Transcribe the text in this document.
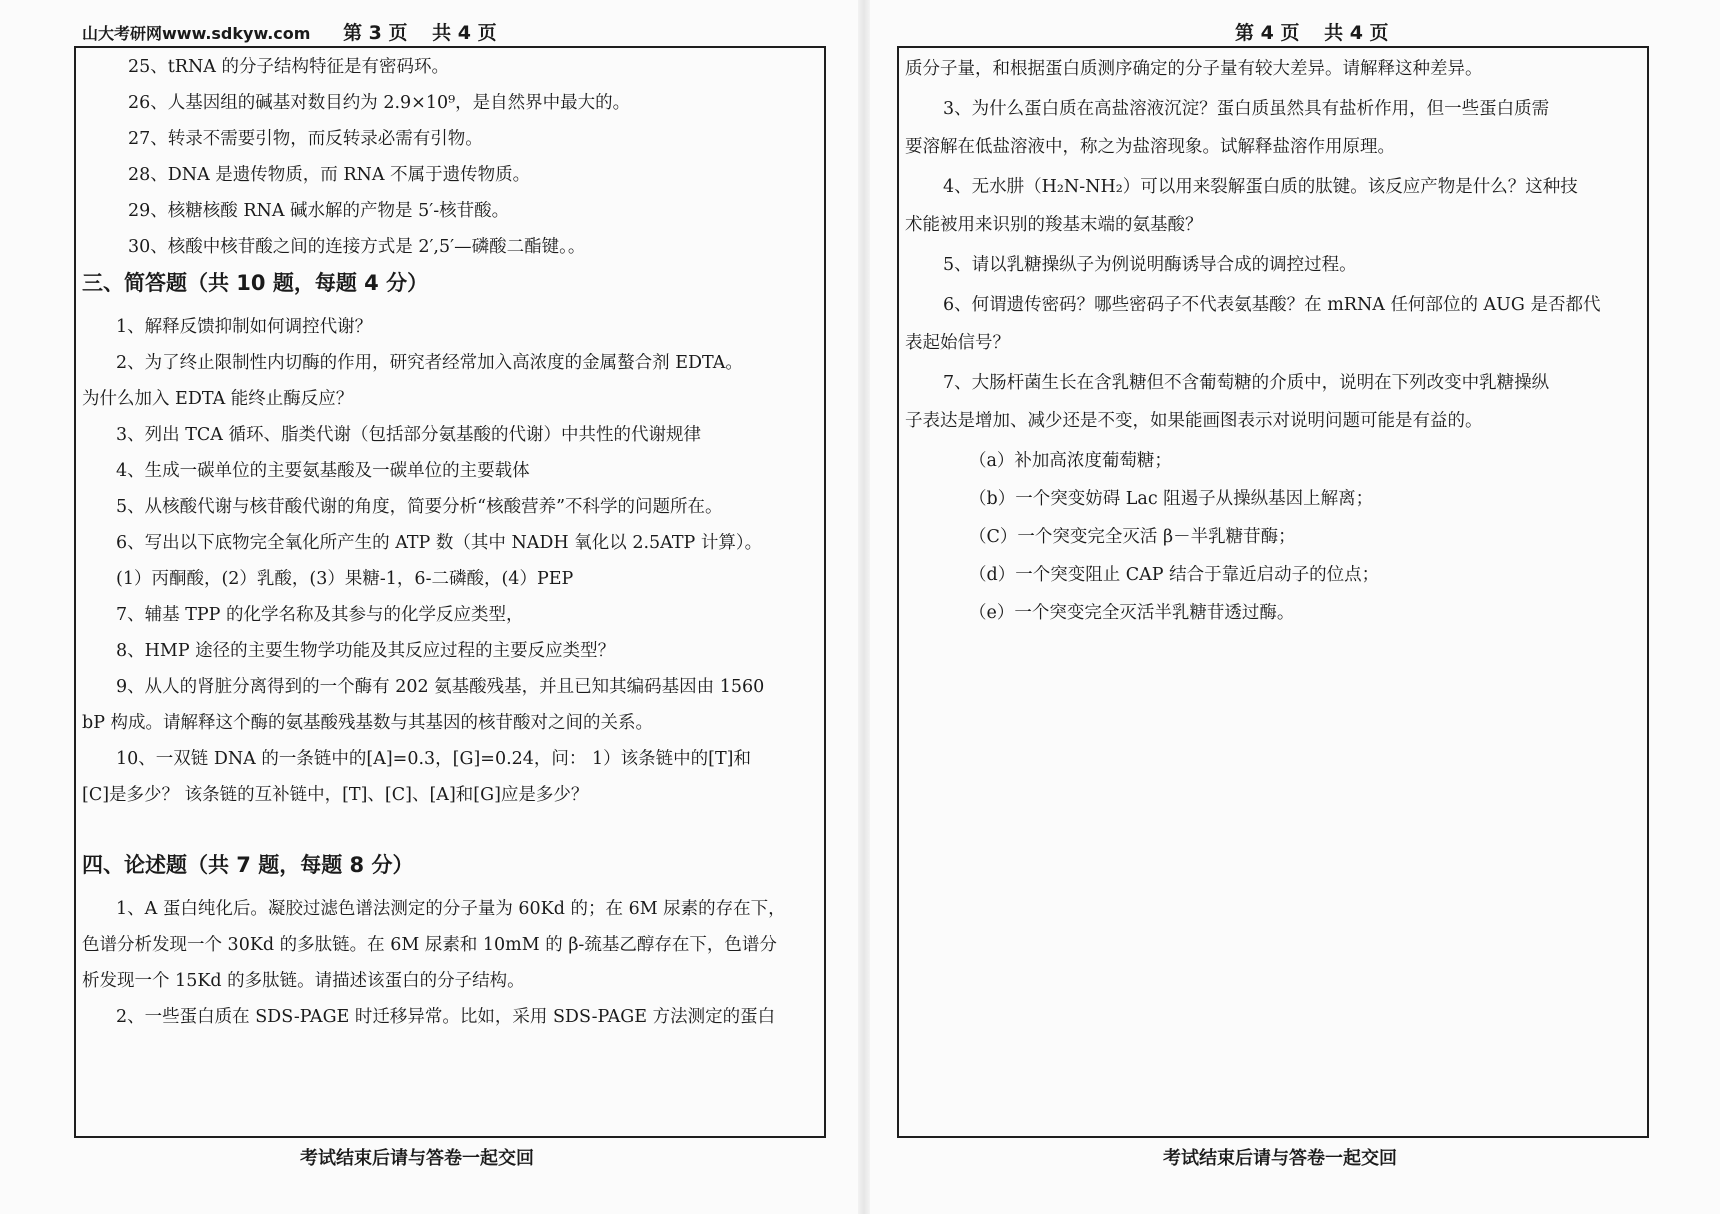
山大考研网www.sdkyw.com 第 3 页 共 4 页
25、tRNA 的分子结构特征是有密码环。
26、人基因组的碱基对数目约为 2.9×10⁹，是自然界中最大的。
27、转录不需要引物，而反转录必需有引物。
28、DNA 是遗传物质，而 RNA 不属于遗传物质。
29、核糖核酸 RNA 碱水解的产物是 5′-核苷酸。
30、核酸中核苷酸之间的连接方式是 2′,5′—磷酸二酯键。。
三、简答题（共 10 题，每题 4 分）
1、解释反馈抑制如何调控代谢？
2、为了终止限制性内切酶的作用，研究者经常加入高浓度的金属螯合剂 EDTA。
为什么加入 EDTA 能终止酶反应？
3、列出 TCA 循环、脂类代谢（包括部分氨基酸的代谢）中共性的代谢规律
4、生成一碳单位的主要氨基酸及一碳单位的主要载体
5、从核酸代谢与核苷酸代谢的角度，简要分析“核酸营养”不科学的问题所在。
6、写出以下底物完全氧化所产生的 ATP 数（其中 NADH 氧化以 2.5ATP 计算）。
(1）丙酮酸，(2）乳酸，(3）果糖-1，6-二磷酸，(4）PEP
7、辅基 TPP 的化学名称及其参与的化学反应类型，
8、HMP 途径的主要生物学功能及其反应过程的主要反应类型？
9、从人的肾脏分离得到的一个酶有 202 氨基酸残基，并且已知其编码基因由 1560
bP 构成。请解释这个酶的氨基酸残基数与其基因的核苷酸对之间的关系。
10、一双链 DNA 的一条链中的[A]=0.3，[G]=0.24，问： 1）该条链中的[T]和
[C]是多少？ 该条链的互补链中，[T]、[C]、[A]和[G]应是多少？
四、论述题（共 7 题，每题 8 分）
1、A 蛋白纯化后。凝胶过滤色谱法测定的分子量为 60Kd 的；在 6M 尿素的存在下，
色谱分析发现一个 30Kd 的多肽链。在 6M 尿素和 10mM 的 β-巯基乙醇存在下，色谱分
析发现一个 15Kd 的多肽链。请描述该蛋白的分子结构。
2、一些蛋白质在 SDS-PAGE 时迁移异常。比如，采用 SDS-PAGE 方法测定的蛋白
考试结束后请与答卷一起交回
第 4 页 共 4 页
质分子量，和根据蛋白质测序确定的分子量有较大差异。请解释这种差异。
3、为什么蛋白质在高盐溶液沉淀？蛋白质虽然具有盐析作用，但一些蛋白质需
要溶解在低盐溶液中，称之为盐溶现象。试解释盐溶作用原理。
4、无水肼（H₂N-NH₂）可以用来裂解蛋白质的肽键。该反应产物是什么？这种技
术能被用来识别的羧基末端的氨基酸？
5、请以乳糖操纵子为例说明酶诱导合成的调控过程。
6、何谓遗传密码？哪些密码子不代表氨基酸？在 mRNA 任何部位的 AUG 是否都代
表起始信号？
7、大肠杆菌生长在含乳糖但不含葡萄糖的介质中，说明在下列改变中乳糖操纵
子表达是增加、减少还是不变，如果能画图表示对说明问题可能是有益的。
（a）补加高浓度葡萄糖；
（b）一个突变妨碍 Lac 阻遏子从操纵基因上解离；
（C）一个突变完全灭活 β－半乳糖苷酶；
（d）一个突变阻止 CAP 结合于靠近启动子的位点；
（e）一个突变完全灭活半乳糖苷透过酶。
考试结束后请与答卷一起交回
